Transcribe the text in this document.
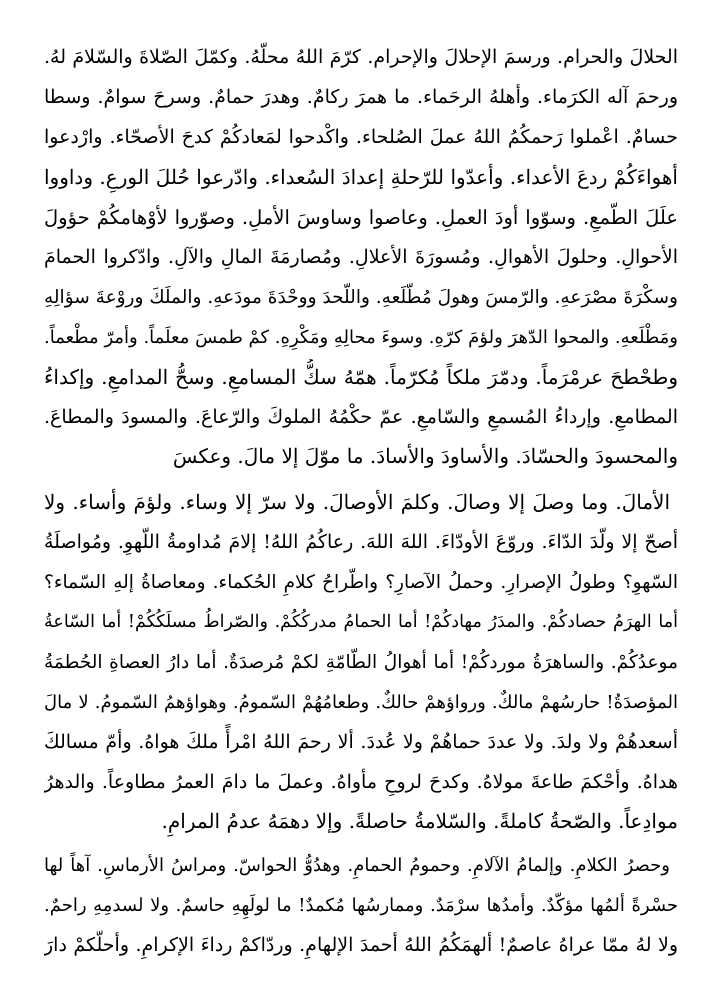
الحلالَ والحرام. ورسمَ الإحلالَ والإحرام. كرّمَ اللهُ محلّهُ. وكمّلَ الصّلاةَ والسّلامَ لهُ.
ورحمَ آله الكرَماء. وأهلهُ الرحَماء. ما همرَ ركامٌ. وهدرَ حمامٌ. وسرحَ سوامٌ. وسطا
حسامٌ. اعْملوا رَحمكُمُ اللهُ عملَ الصُلحاء. واكْدحوا لمَعادكُمْ كدحَ الأصحّاء. وارْدعوا
أهواءَكُمْ ردعَ الأعداء. وأعدّوا للرّحلةِ إعدادَ السُعداء. وادّرعوا حُللَ الورعِ. وداووا
علَلَ الطّمعِ. وسوّوا أودَ العملِ. وعاصوا وساوسَ الأملِ. وصوّروا لأوْهامكُمْ حؤولَ
الأحوالِ. وحلولَ الأهوالِ. ومُسورَةَ الأعلالِ. ومُصارمَةَ المالِ والآلِ. وادّكروا الحمامَ
وسكْرَةَ مصْرَعهِ. والرّمسَ وهولَ مُطّلَعهِ. واللّحدَ ووحْدَةَ مودَعهِ. والملَكَ وروْعةَ سؤالِهِ
ومَطْلَعهِ. والمحوا الدّهرَ ولؤمَ كرّهِ. وسوءَ محالِهِ ومَكْرِهِ. كمْ طمسَ معلَماً. وأمرّ مطْعماً.
وطحْطحَ عرمْرَماً. ودمّرَ ملكاً مُكرّماً. همّهُ سكُّ المسامعِ. وسحُّ المدامعِ. وإكداءُ
المطامعِ. وإرداءُ المُسمعِ والسّامعِ. عمّ حكْمُهُ الملوكَ والرّعاعَ. والمسودَ والمطاعَ.
والمحسودَ والحسّادَ. والأساودَ والأسادَ. ما موّلَ إلا مالَ. وعكسَ
الأمالَ. وما وصلَ إلا وصالَ. وكلمَ الأوصالَ. ولا سرّ إلا وساء. ولؤمَ وأساء. ولا
أصحّ إلا ولّدَ الدّاءَ. وروّعَ الأودّاءَ. اللهَ اللهَ. رعاكُمُ اللهُ! إلامَ مُداومةُ اللّهوِ. ومُواصلَةُ
السّهوِ؟ وطولُ الإصرارِ. وحملُ الآصارِ؟ واطّراحُ كلامِ الحُكماء. ومعاصاةُ إلهِ السّماء؟
أما الهرَمُ حصادكُمْ. والمدَرُ مهادكُمْ! أما الحمامُ مدركُكُمْ. والصّراطُ مسلَكُكُمْ! أما السّاعةُ
موعدُكُمْ. والساهرَةُ موردكُمْ! أما أهوالُ الطّامّةِ لكمْ مُرصدَةٌ. أما دارُ العصاةِ الحُطمَةُ
المؤصدَةُ! حارسُهمْ مالكٌ. ورواؤهمْ حالكٌ. وطعامُهُمْ السّمومُ. وهواؤهمُ السّمومُ. لا مالَ
أسعدهُمْ ولا ولدَ. ولا عددَ حماهُمْ ولا عُددَ. ألا رحمَ اللهُ امْرأً ملكَ هواهُ. وأمّ مسالكَ
هداهُ. وأحْكمَ طاعةَ مولاهُ. وكدحَ لروحِ مأواهُ. وعملَ ما دامَ العمرُ مطاوعاً. والدهرُ
موادِعاً. والصّحةُ كاملةً. والسّلامةُ حاصلةً. وإلا دهمَهُ عدمُ المرامِ.
وحصرُ الكلامِ. وإلمامُ الآلامِ. وحمومُ الحمامِ. وهدُوُّ الحواسّ. ومراسُ الأرماسِ. آهاً لها
حسْرةً ألمُها مؤكّدٌ. وأمدُها سرْمَدٌ. وممارسُها مُكمدٌ! ما لولَهِهِ حاسمٌ. ولا لسدمِهِ راحمٌ.
ولا لهُ ممّا عراهُ عاصمٌ! ألهمَكُمُ اللهُ أحمدَ الإلهامِ. وردّاكمْ رداءَ الإكرامِ. وأحلّكمْ دارَ
